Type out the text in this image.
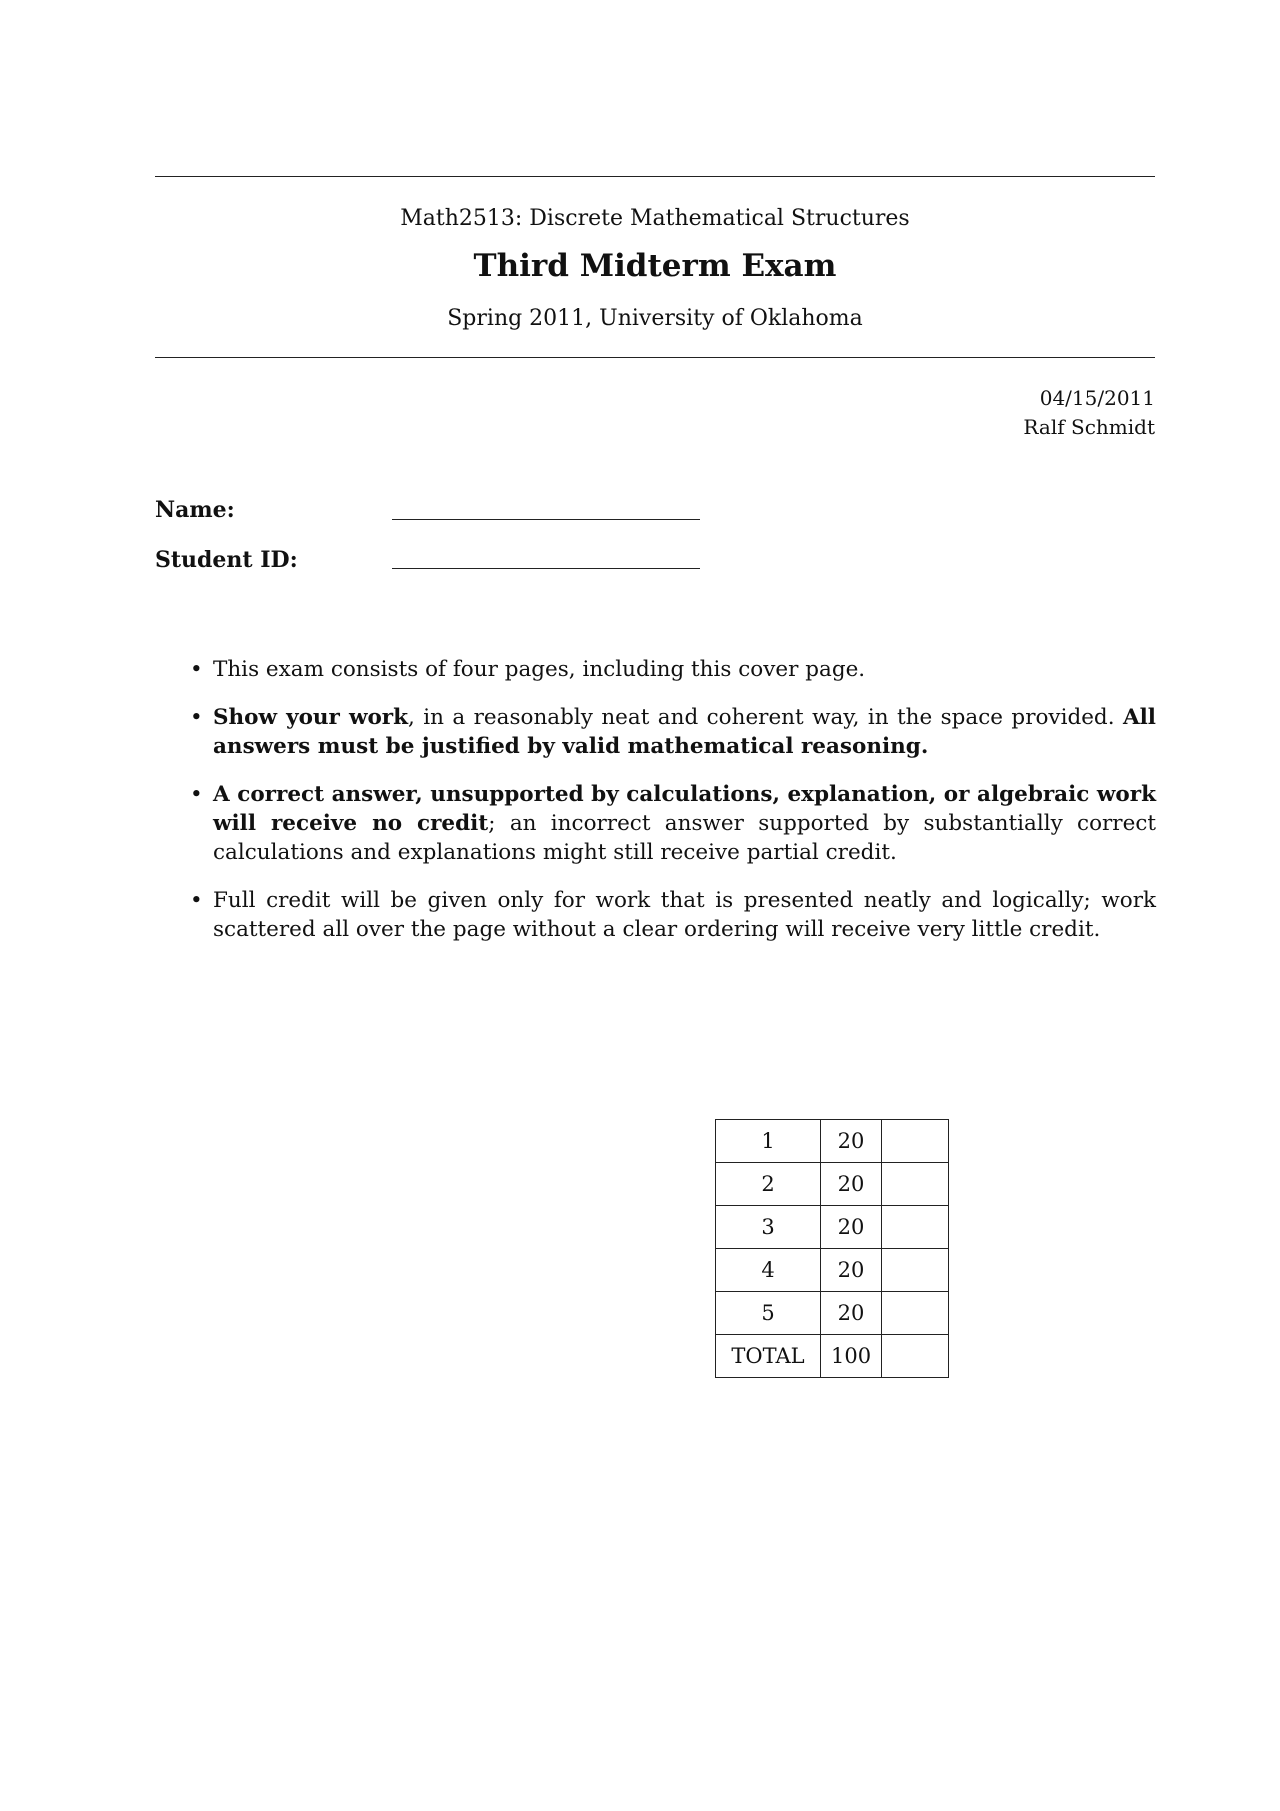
Math2513: Discrete Mathematical Structures
Third Midterm Exam
Spring 2011, University of Oklahoma
04/15/2011
Ralf Schmidt
Name:
Student ID:
• This exam consists of four pages, including this cover page.
• Show your work, in a reasonably neat and coherent way, in the space provided. All answers must be justified by valid mathematical reasoning.
• A correct answer, unsupported by calculations, explanation, or algebraic work will receive no credit; an incorrect answer supported by substantially correct calculations and explanations might still receive partial credit.
• Full credit will be given only for work that is presented neatly and logically; work scattered all over the page without a clear ordering will receive very little credit.
1	20	
2	20	
3	20	
4	20	
5	20	
TOTAL	100	
